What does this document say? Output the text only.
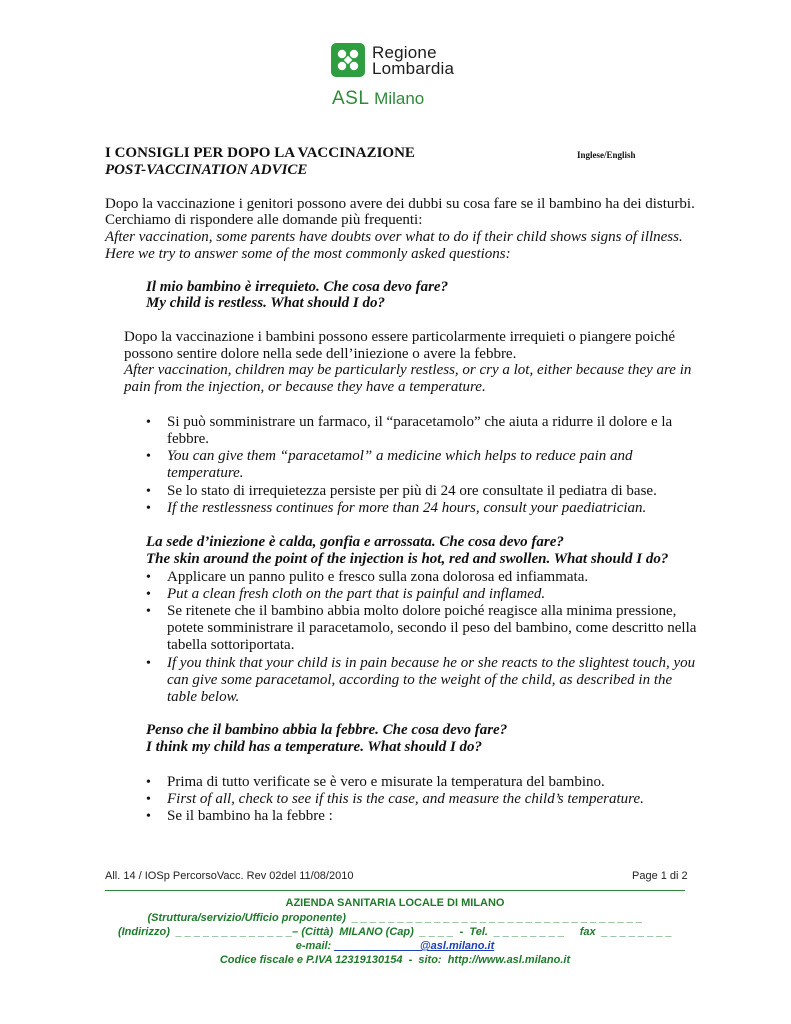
Regione
Lombardia
ASL Milano
I CONSIGLI PER DOPO LA VACCINAZIONE	Inglese/English
POST-VACCINATION ADVICE
Dopo la vaccinazione i genitori possono avere dei dubbi su cosa fare se il bambino ha dei disturbi.
Cerchiamo di rispondere alle domande più frequenti:
After vaccination, some parents have doubts over what to do if their child shows signs of illness.
Here we try to answer some of the most commonly asked questions:
Il mio bambino è irrequieto. Che cosa devo fare?
My child is restless. What should I do?
Dopo la vaccinazione i bambini possono essere particolarmente irrequieti o piangere poiché
possono sentire dolore nella sede dell’iniezione o avere la febbre.
After vaccination, children may be particularly restless, or cry a lot, either because they are in
pain from the injection, or because they have a temperature.
• Si può somministrare un farmaco, il “paracetamolo” che aiuta a ridurre il dolore e la
febbre.
• You can give them “paracetamol” a medicine which helps to reduce pain and
temperature.
• Se lo stato di irrequietezza persiste per più di 24 ore consultate il pediatra di base.
• If the restlessness continues for more than 24 hours, consult your paediatrician.
La sede d’iniezione è calda, gonfia e arrossata. Che cosa devo fare?
The skin around the point of the injection is hot, red and swollen. What should I do?
• Applicare un panno pulito e fresco sulla zona dolorosa ed infiammata.
• Put a clean fresh cloth on the part that is painful and inflamed.
• Se ritenete che il bambino abbia molto dolore poiché reagisce alla minima pressione,
potete somministrare il paracetamolo, secondo il peso del bambino, come descritto nella
tabella sottoriportata.
• If you think that your child is in pain because he or she reacts to the slightest touch, you
can give some paracetamol, according to the weight of the child, as described in the
table below.
Penso che il bambino abbia la febbre. Che cosa devo fare?
I think my child has a temperature. What should I do?
• Prima di tutto verificate se è vero e misurate la temperatura del bambino.
• First of all, check to see if this is the case, and measure the child’s temperature.
• Se il bambino ha la febbre :
All. 14 / IOSp PercorsoVacc. Rev 02del 11/08/2010	Page 1 di 2
AZIENDA SANITARIA LOCALE DI MILANO
(Struttura/servizio/Ufficio proponente)  _ _ _ _ _ _ _ _ _ _ _ _ _ _ _ _ _ _ _ _ _ _ _ _ _ _ _ _ _ _ _ _
(Indirizzo)  _ _ _ _ _ _ _ _ _ _ _ _ _– (Città)  MILANO (Cap)  _ _ _ _  -  Tel.  _ _ _ _ _ _ _ _     fax  _ _ _ _ _ _ _ _
e-mail: ______________@asl.milano.it
Codice fiscale e P.IVA 12319130154  -  sito:  http://www.asl.milano.it
